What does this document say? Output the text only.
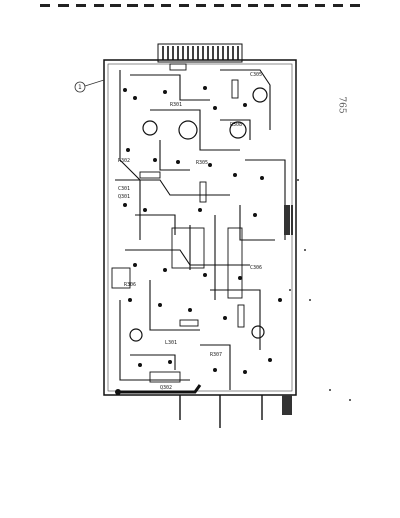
R301
R302
C301
Q301
R305
C305
R306
L301
R307
Q302
C306
R308
1
765
